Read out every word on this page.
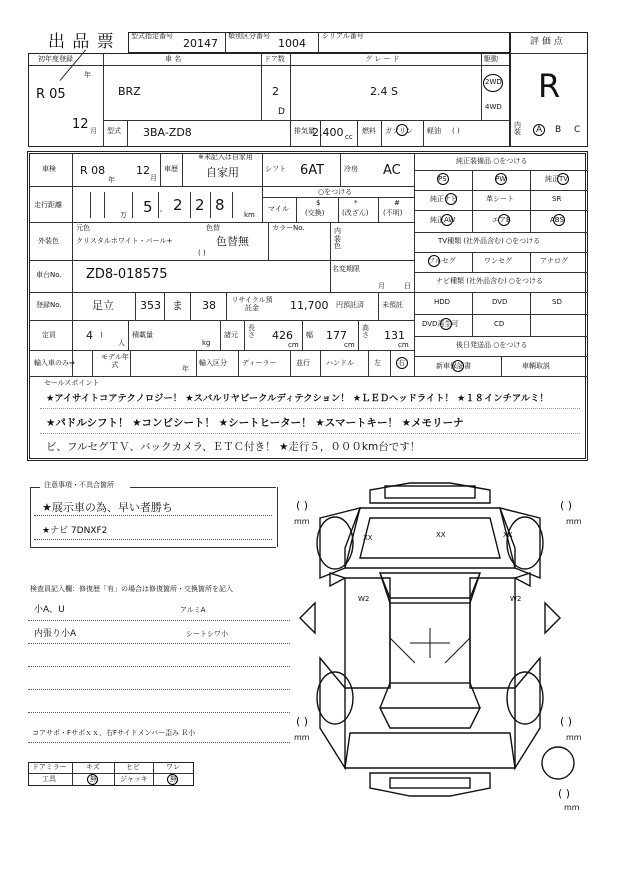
出 品 票 型式指定番号
20147
類別区分番号
1004
シリアル番号
評 価 点
R
初年度登録
年
R 05
12 月
車 名
BRZ
ドア数
2
D
グ レ ー ド
2.4 S
駆動
2WD
4WD
型式 3BA-ZD8	排気量
2,400 cc
燃料 ガソリン 軽油 ( )
内装 A B C
車検 R 08
年
12
月
車歴
※未記入は自家用
自家用	シフト 6AT	冷房 AC
走行距離
万 5 , 2 2 8
km
○をつける
マイル
$
(交換)
*
(改ざん)
#
(不明)
外装色
元色
クリスタルホワイト・パール+
色替
色替無
( )
カラーNo.	内装色
車台No. ZD8-018575	名変期限
月	日
登録No.	足立 353 ま 38 リサイクル預託金	11,700 円預託済	未預託
定員	4 )
人
積載量
kg
諸元
長さ 426
cm
幅 177
cm
高さ 131
cm
輸入車のみ⇒
モデル年式	年
輸入区分 ディーラー	並行 ハンドル	左 右
純正装備品 ○をつける
PS	PW	純正TV
純正ナビ	革シート	SR
純正AW	エアB	ABS
TV種類 (社外品含む) ○をつける
フルセグ	ワンセグ	アナログ
ナビ種類 (社外品含む) ○をつける
HDD	DVD	SD
DVD再生可	CD
後日発送品 ○をつける
新車保証書	車輌取説
セールスポイント
★アイサイトコアテクノロジー！ ★スバルリヤビークルディテクション！ ★ＬＥＤヘッドライト！ ★１８インチアルミ！
★パドルシフト！ ★コンビシート！ ★シートヒーター！ ★スマートキー！ ★メモリーナ
ビ、フルセグＴＶ、バックカメラ、ＥＴＣ付き！ ★走行５，０００km台です！
注意事項・不具合箇所
★展示車の為、早い者勝ち
★ナビ 7DNXF2
検査員記入欄：修復歴「有」の場合は修復箇所・交換箇所を記入
小A、U	アルミA
内張り小A	シートシワ小
コアサポ・Fサポｘｘ、右Fサイドメンバー歪み Ｒ小
ドアミラー	キズ	ヒビ	ワレ
工具	無	ジャッキ	無
XX	XX	XX
W2	W2
( )
mm
( )
mm
( )
mm
( )
mm
( )
mm
